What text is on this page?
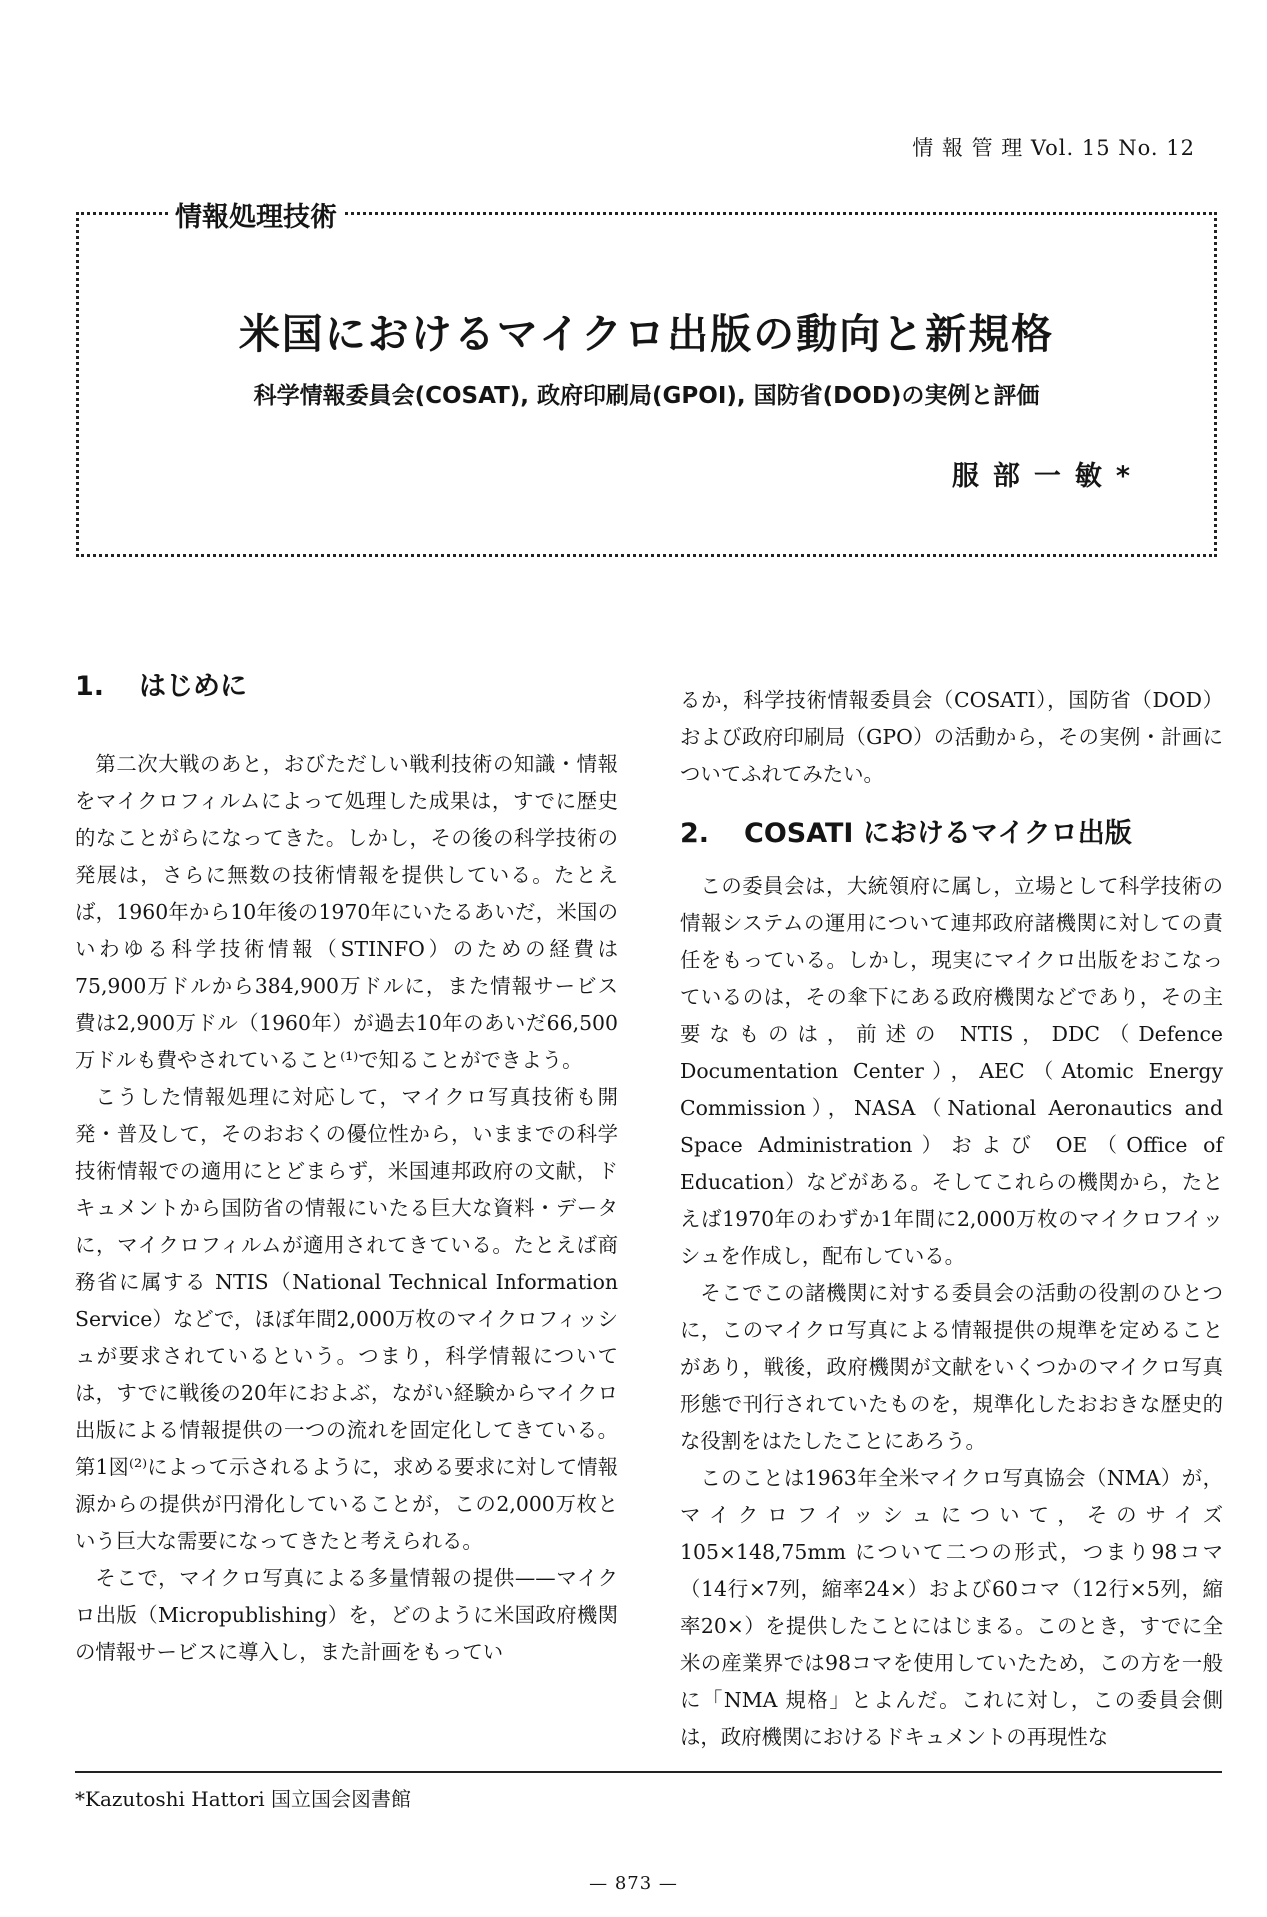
情 報 管 理 Vol. 15 No. 12
情報処理技術
米国におけるマイクロ出版の動向と新規格
科学情報委員会(COSAT), 政府印刷局(GPOI), 国防省(DOD)の実例と評価
服部一敏*
1. はじめに

第二次大戦のあと，おびただしい戦利技術の知識・情報をマイクロフィルムによって処理した成果は，すでに歴史的なことがらになってきた。しかし，その後の科学技術の発展は，さらに無数の技術情報を提供している。たとえば，1960年から10年後の1970年にいたるあいだ，米国のいわゆる科学技術情報（STINFO）のための経費は75,900万ドルから384,900万ドルに，また情報サービス費は2,900万ドル（1960年）が過去10年のあいだ66,500万ドルも費やされていること⁽¹⁾で知ることができよう。

こうした情報処理に対応して，マイクロ写真技術も開発・普及して，そのおおくの優位性から，いままでの科学技術情報での適用にとどまらず，米国連邦政府の文献，ドキュメントから国防省の情報にいたる巨大な資料・データに，マイクロフィルムが適用されてきている。たとえば商務省に属する NTIS（National Technical Information Service）などで，ほぼ年間2,000万枚のマイクロフィッシュが要求されているという。つまり，科学情報については，すでに戦後の20年におよぶ，ながい経験からマイクロ出版による情報提供の一つの流れを固定化してきている。第1図⁽²⁾によって示されるように，求める要求に対して情報源からの提供が円滑化していることが，この2,000万枚という巨大な需要になってきたと考えられる。

そこで，マイクロ写真による多量情報の提供——マイクロ出版（Micropublishing）を，どのように米国政府機関の情報サービスに導入し，また計画をもってい

るか，科学技術情報委員会（COSATI），国防省（DOD）および政府印刷局（GPO）の活動から，その実例・計画についてふれてみたい。

2. COSATI におけるマイクロ出版

この委員会は，大統領府に属し，立場として科学技術の情報システムの運用について連邦政府諸機関に対しての責任をもっている。しかし，現実にマイクロ出版をおこなっているのは，その傘下にある政府機関などであり，その主要なものは，前述の NTIS，DDC（Defence Documentation Center），AEC（Atomic Energy Commission），NASA（National Aeronautics and Space Administration）および OE（Office of Education）などがある。そしてこれらの機関から，たとえば1970年のわずか1年間に2,000万枚のマイクロフイッシュを作成し，配布している。

そこでこの諸機関に対する委員会の活動の役割のひとつに，このマイクロ写真による情報提供の規準を定めることがあり，戦後，政府機関が文献をいくつかのマイクロ写真形態で刊行されていたものを，規準化したおおきな歴史的な役割をはたしたことにあろう。

このことは1963年全米マイクロ写真協会（NMA）が，マイクロフイッシュについて，そのサイズ 105×148,75mm について二つの形式，つまり98コマ（14行×7列，縮率24×）および60コマ（12行×5列，縮率20×）を提供したことにはじまる。このとき，すでに全米の産業界では98コマを使用していたため，この方を一般に「NMA 規格」とよんだ。これに対し，この委員会側は，政府機関におけるドキュメントの再現性な

*Kazutoshi Hattori 国立国会図書館
— 873 —
